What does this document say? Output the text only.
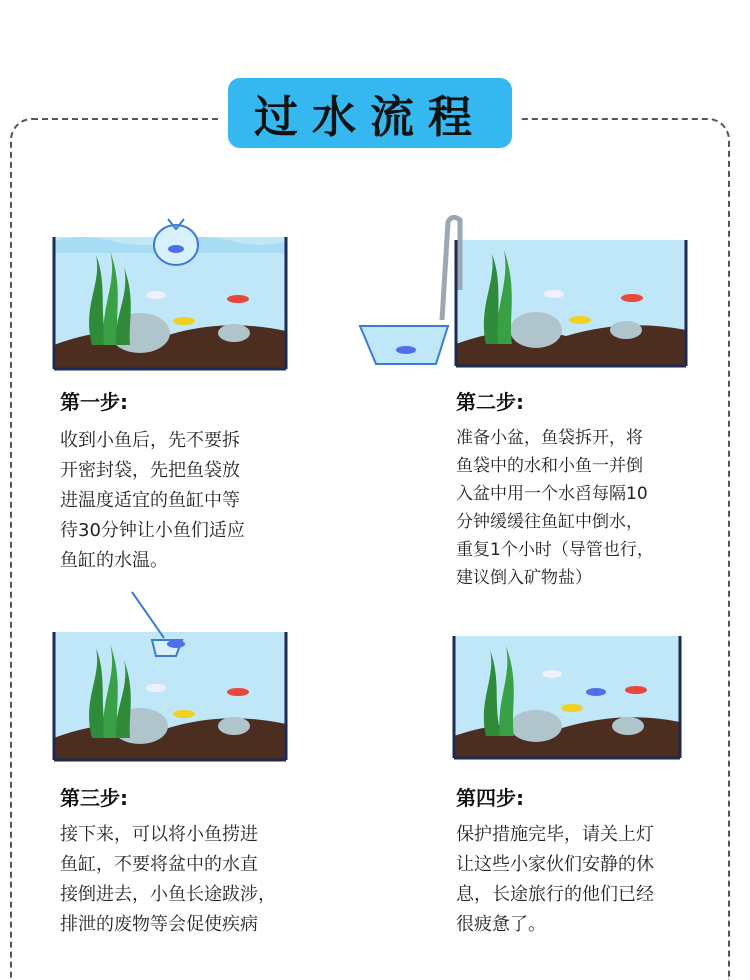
过水流程
第一步:
收到小鱼后，先不要拆
开密封袋，先把鱼袋放
进温度适宜的鱼缸中等
待30分钟让小鱼们适应
鱼缸的水温。
第二步:
准备小盆，鱼袋拆开，将
鱼袋中的水和小鱼一并倒
入盆中用一个水舀每隔10
分钟缓缓往鱼缸中倒水，
重复1个小时（导管也行，
建议倒入矿物盐）
第三步:
接下来，可以将小鱼捞进
鱼缸，不要将盆中的水直
接倒进去，小鱼长途跋涉，
排泄的废物等会促使疾病
第四步:
保护措施完毕，请关上灯
让这些小家伙们安静的休
息，长途旅行的他们已经
很疲惫了。
